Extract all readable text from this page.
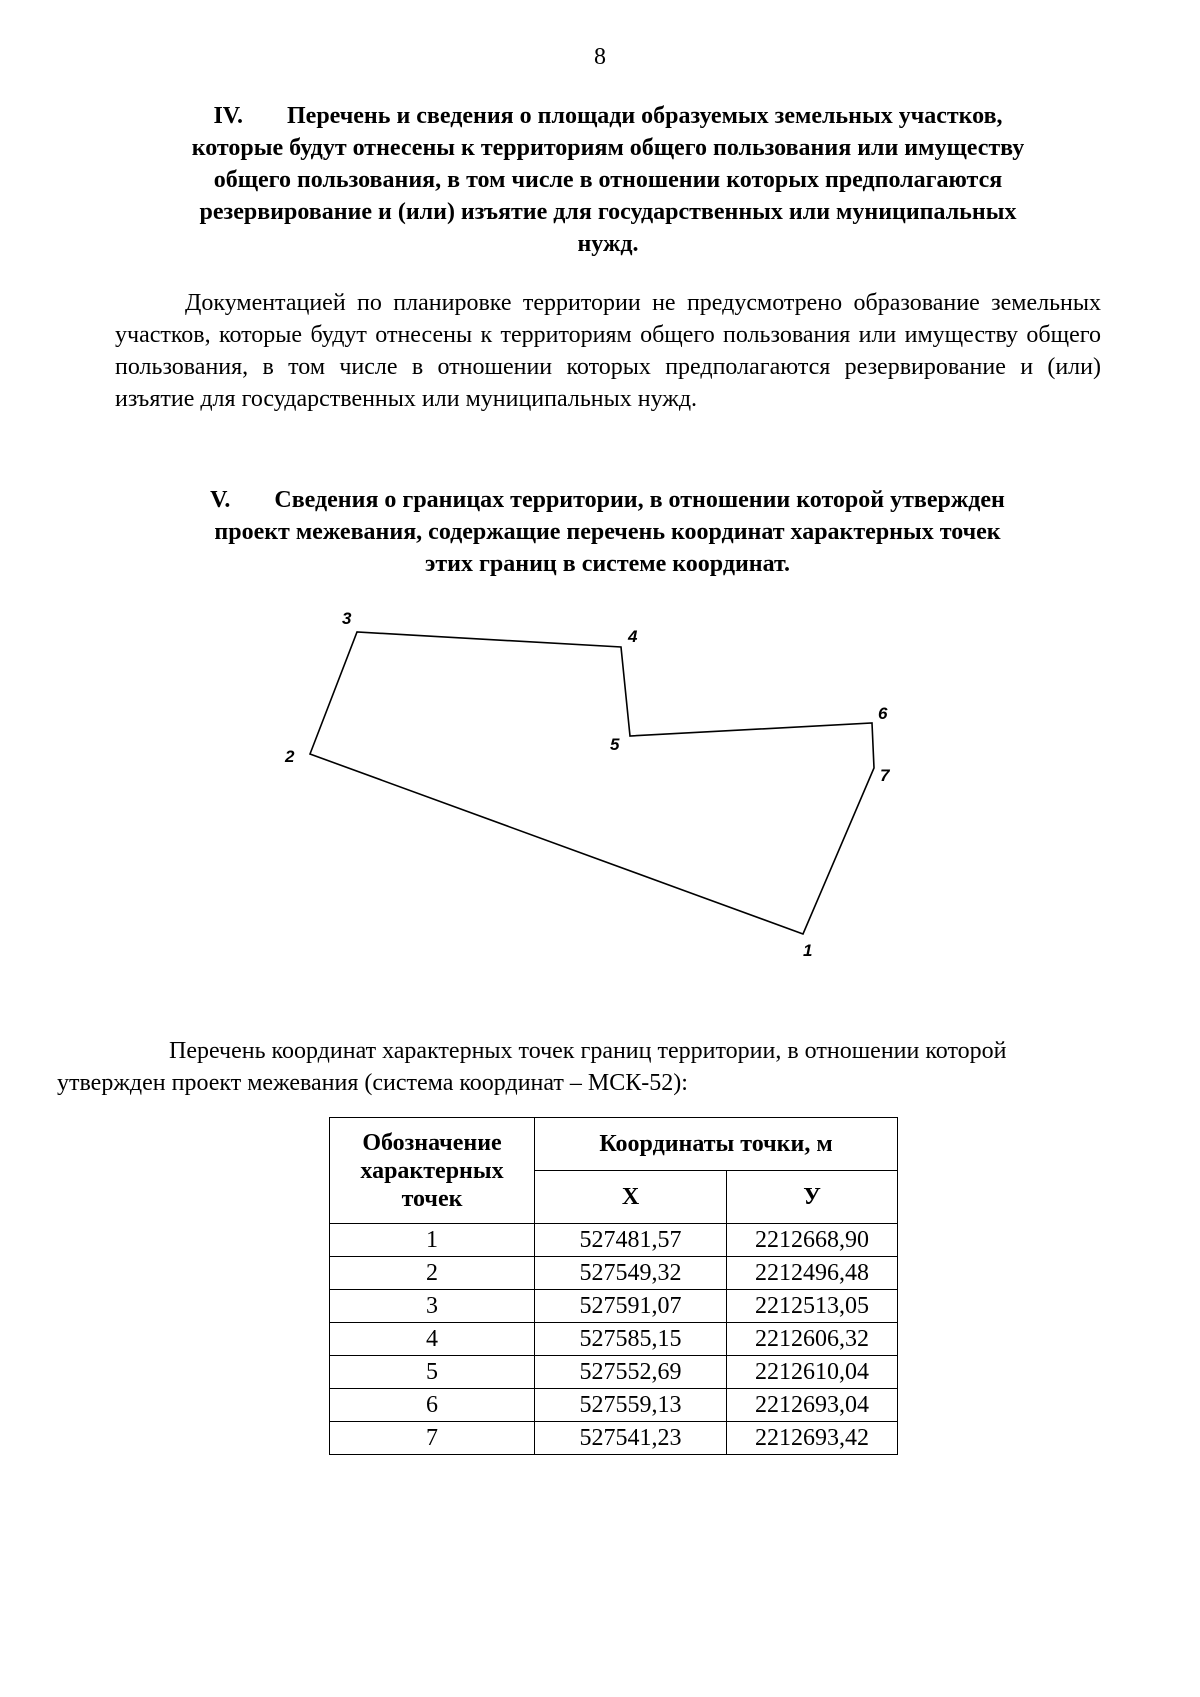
8
IV. Перечень и сведения о площади образуемых земельных участков,
которые будут отнесены к территориям общего пользования или имуществу
общего пользования, в том числе в отношении которых предполагаются
резервирование и (или) изъятие для государственных или муниципальных
нужд.
Документацией по планировке территории не предусмотрено образование земельных участков, которые будут отнесены к территориям общего пользования или имуществу общего пользования, в том числе в отношении которых предполагаются резервирование и (или) изъятие для государственных или муниципальных нужд.
V. Сведения о границах территории, в отношении которой утвержден
проект межевания, содержащие перечень координат характерных точек
этих границ в системе координат.
1
2
3
4
5
6
7
Перечень координат характерных точек границ территории, в отношении которой утвержден проект межевания (система координат – МСК-52):
Обозначение характерных точек	Координаты точки, м	
	Х	У
1	527481,57	2212668,90
2	527549,32	2212496,48
3	527591,07	2212513,05
4	527585,15	2212606,32
5	527552,69	2212610,04
6	527559,13	2212693,04
7	527541,23	2212693,42
